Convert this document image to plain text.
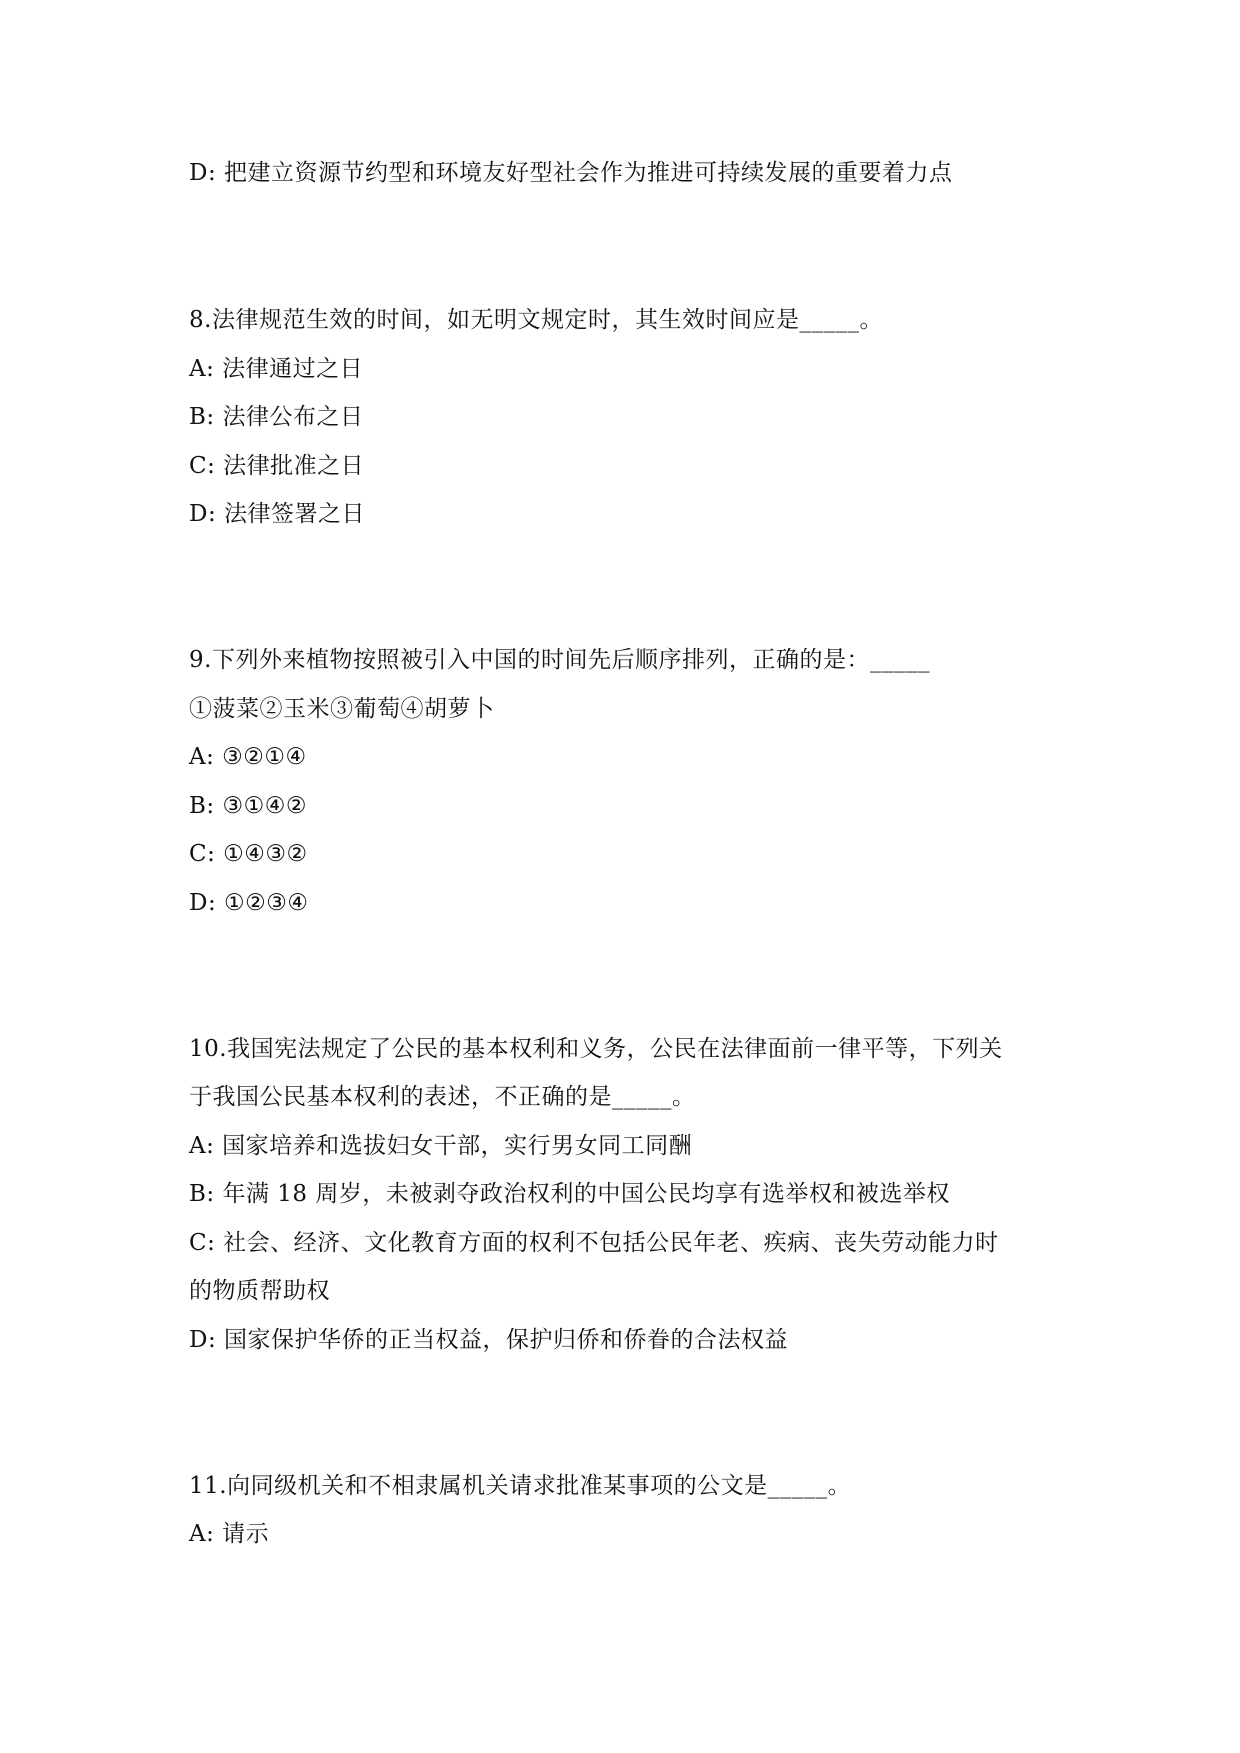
D: 把建立资源节约型和环境友好型社会作为推进可持续发展的重要着力点
8.法律规范生效的时间，如无明文规定时，其生效时间应是_____。
A: 法律通过之日
B: 法律公布之日
C: 法律批准之日
D: 法律签署之日
9.下列外来植物按照被引入中国的时间先后顺序排列，正确的是：_____
①菠菜②玉米③葡萄④胡萝卜
A: ③②①④
B: ③①④②
C: ①④③②
D: ①②③④
10.我国宪法规定了公民的基本权利和义务，公民在法律面前一律平等，下列关
于我国公民基本权利的表述，不正确的是_____。
A: 国家培养和选拔妇女干部，实行男女同工同酬
B: 年满 18 周岁，未被剥夺政治权利的中国公民均享有选举权和被选举权
C: 社会、经济、文化教育方面的权利不包括公民年老、疾病、丧失劳动能力时
的物质帮助权
D: 国家保护华侨的正当权益，保护归侨和侨眷的合法权益
11.向同级机关和不相隶属机关请求批准某事项的公文是_____。
A: 请示
